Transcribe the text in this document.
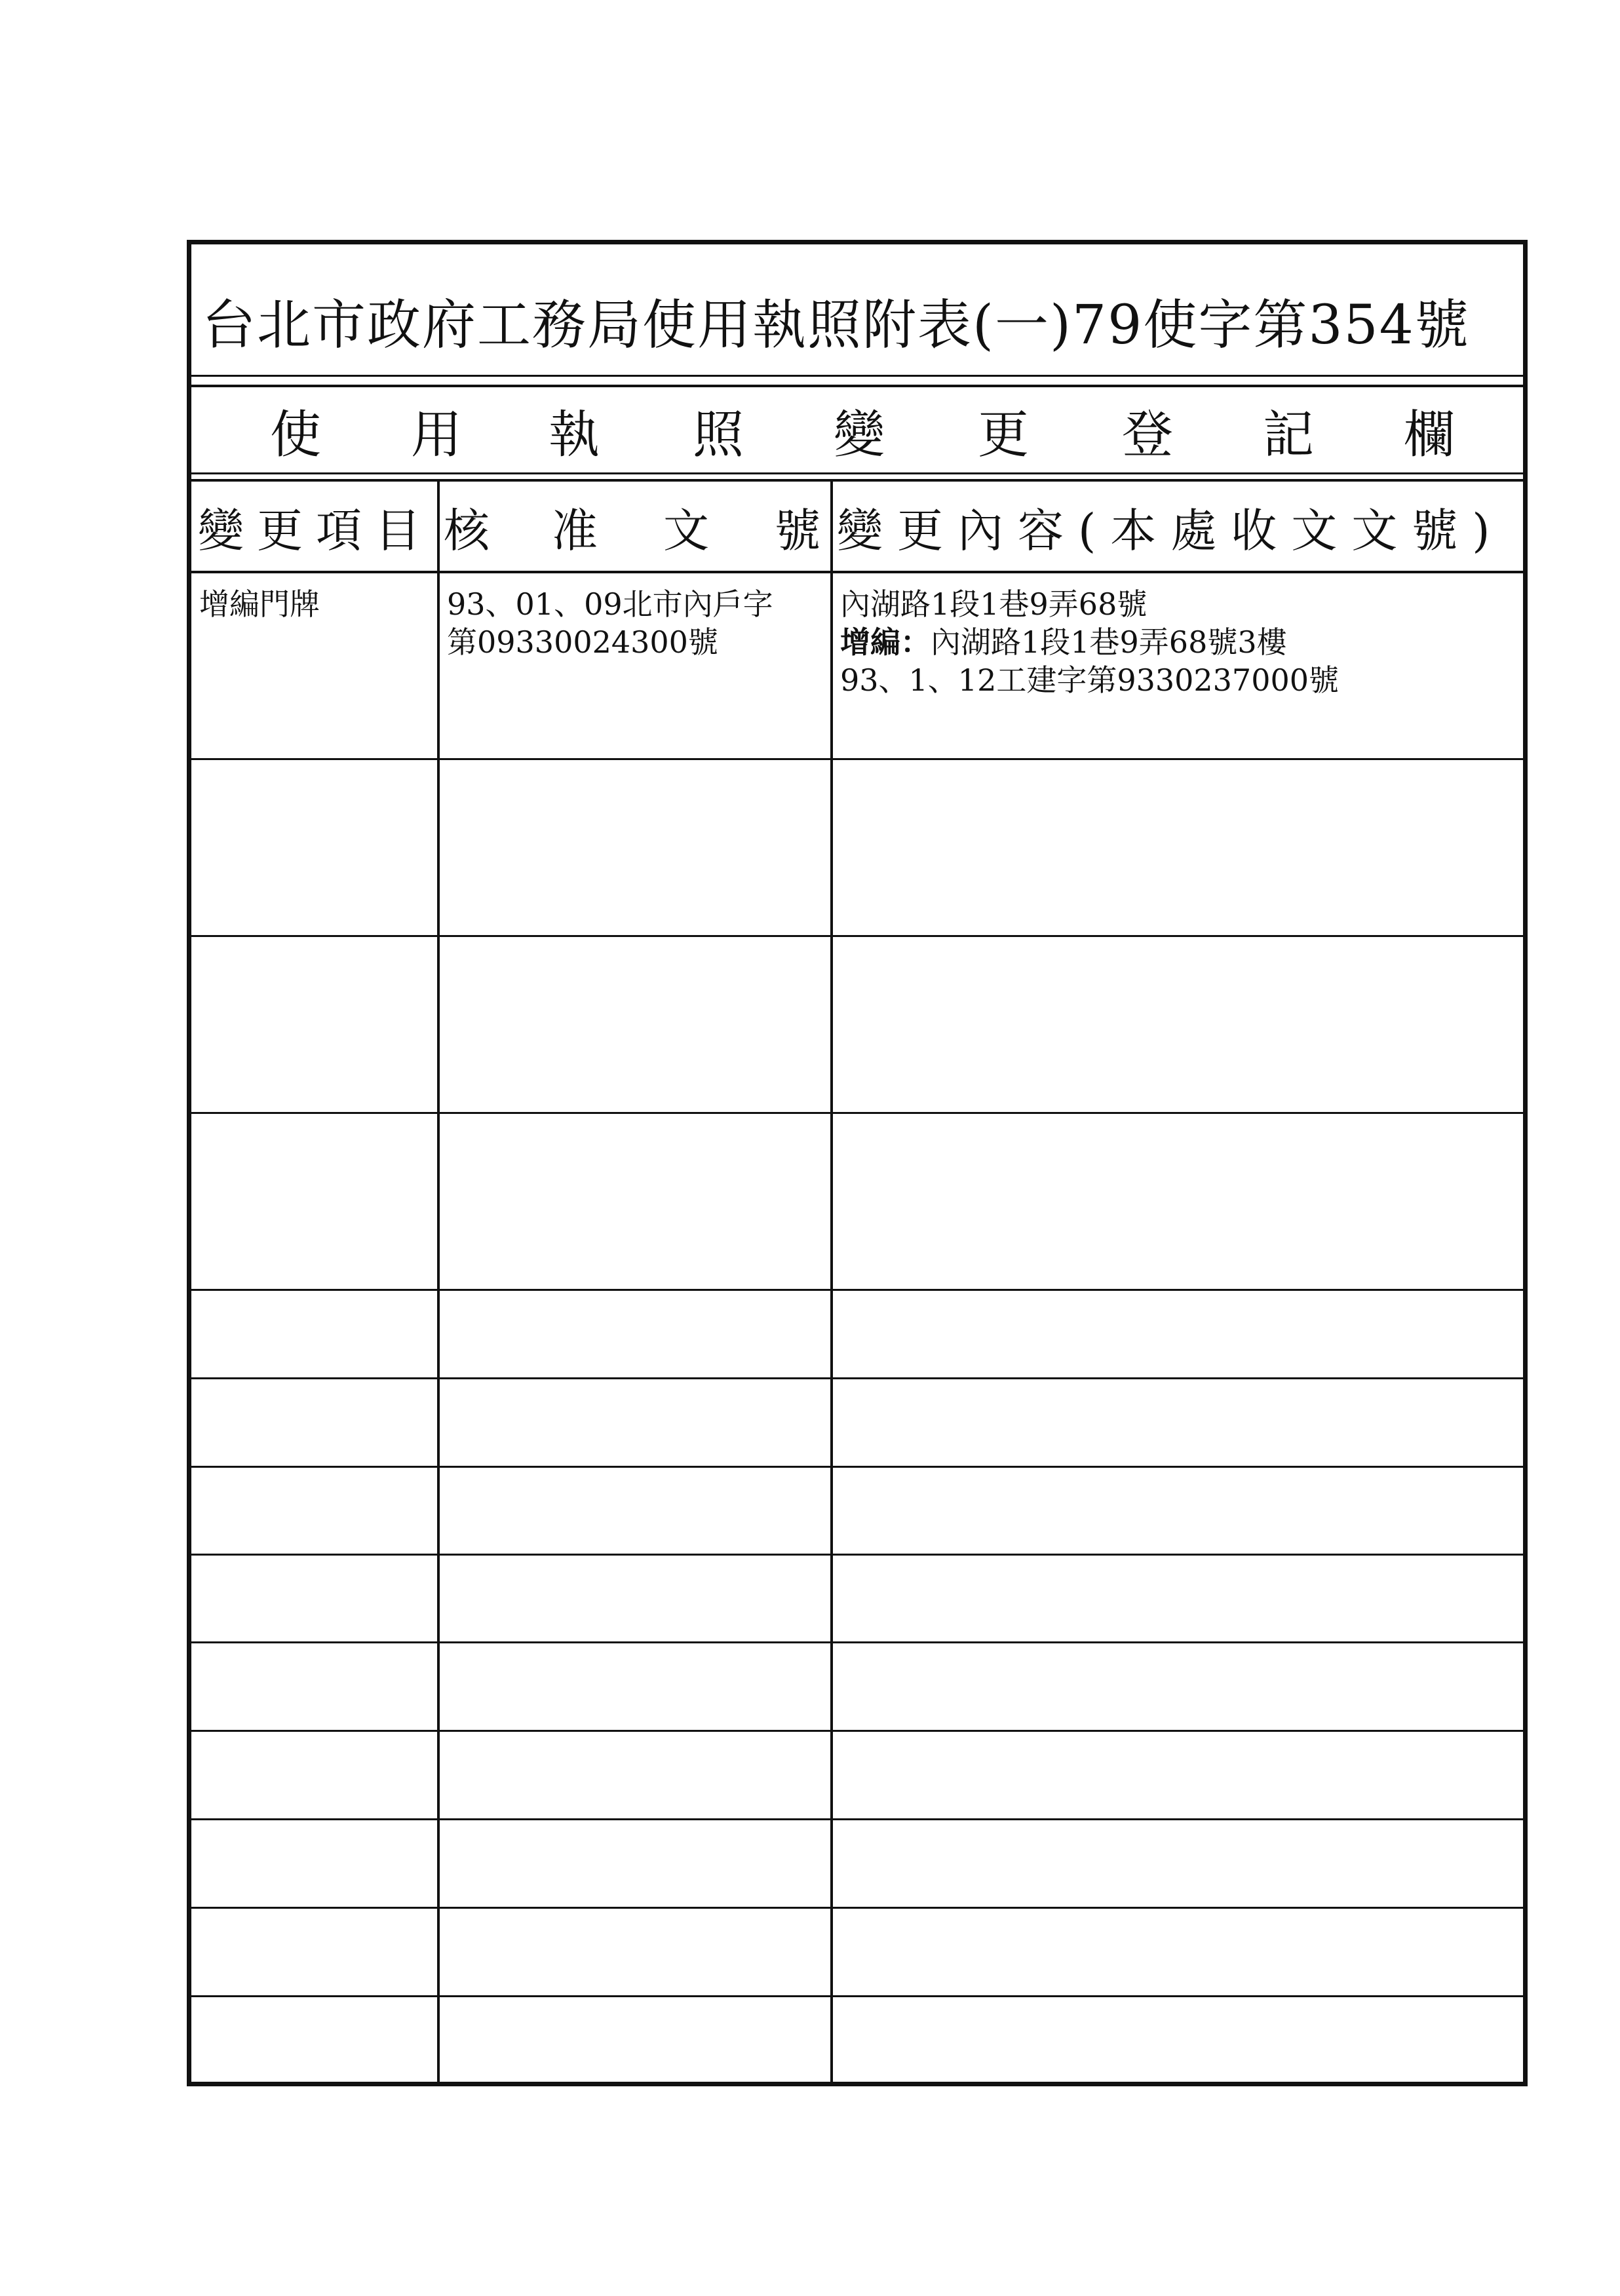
台北市政府工務局使用執照附表(一)79使字第354號
使 用 執 照 變 更 登 記 欄
變 更 項 目 核 准 文 號 變更內容(本處收文文號)
增編門牌	93、01、09北市內戶字
第09330024300號
內湖路1段1巷9弄68號
增編：內湖路1段1巷9弄68號3樓
93、1、12工建字第9330237000號
